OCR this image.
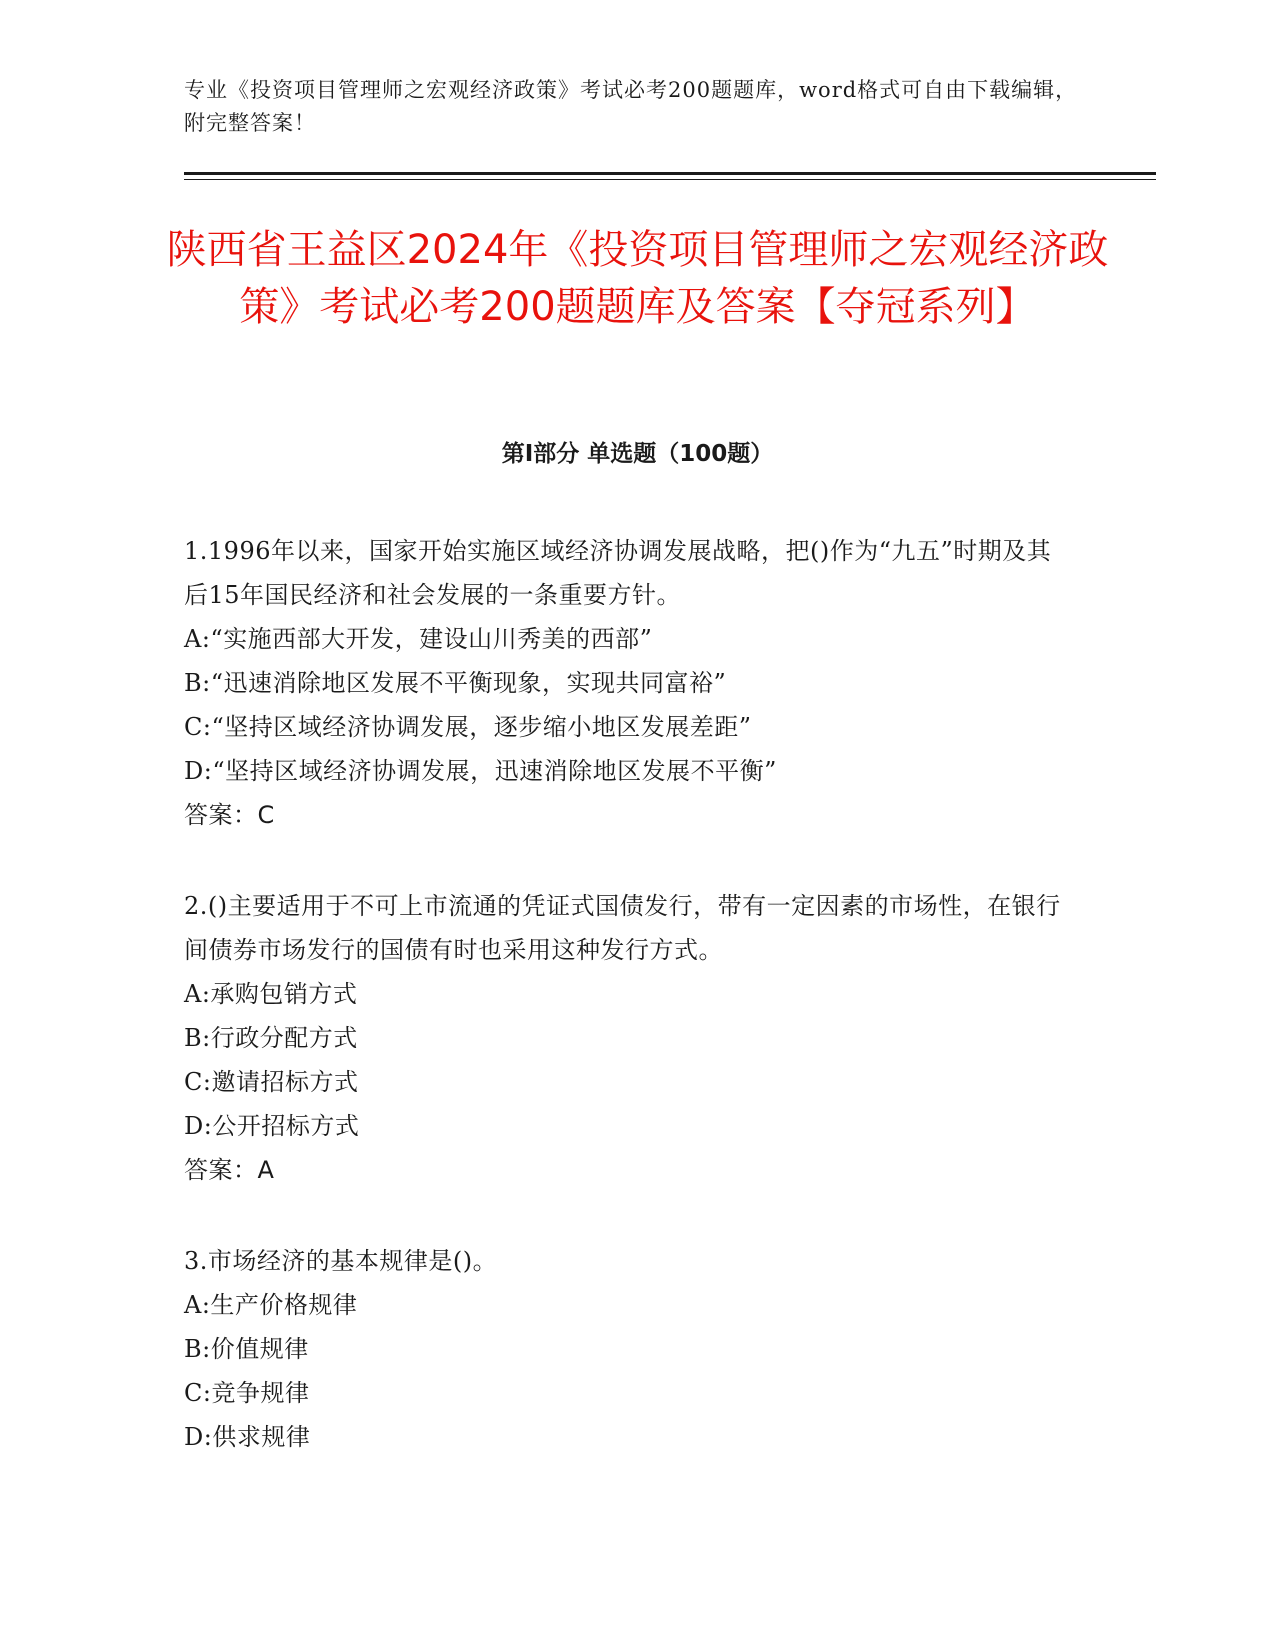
专业《投资项目管理师之宏观经济政策》考试必考200题题库，word格式可自由下载编辑，附完整答案！
陕西省王益区2024年《投资项目管理师之宏观经济政策》考试必考200题题库及答案【夺冠系列】
第I部分 单选题（100题）

1.1996年以来，国家开始实施区域经济协调发展战略，把()作为“九五”时期及其后15年国民经济和社会发展的一条重要方针。

A:“实施西部大开发，建设山川秀美的西部”

B:“迅速消除地区发展不平衡现象，实现共同富裕”

C:“坚持区域经济协调发展，逐步缩小地区发展差距”

D:“坚持区域经济协调发展，迅速消除地区发展不平衡”

答案：C

2.()主要适用于不可上市流通的凭证式国债发行，带有一定因素的市场性，在银行间债券市场发行的国债有时也采用这种发行方式。

A:承购包销方式

B:行政分配方式

C:邀请招标方式

D:公开招标方式

答案：A

3.市场经济的基本规律是()。

A:生产价格规律

B:价值规律

C:竞争规律

D:供求规律
